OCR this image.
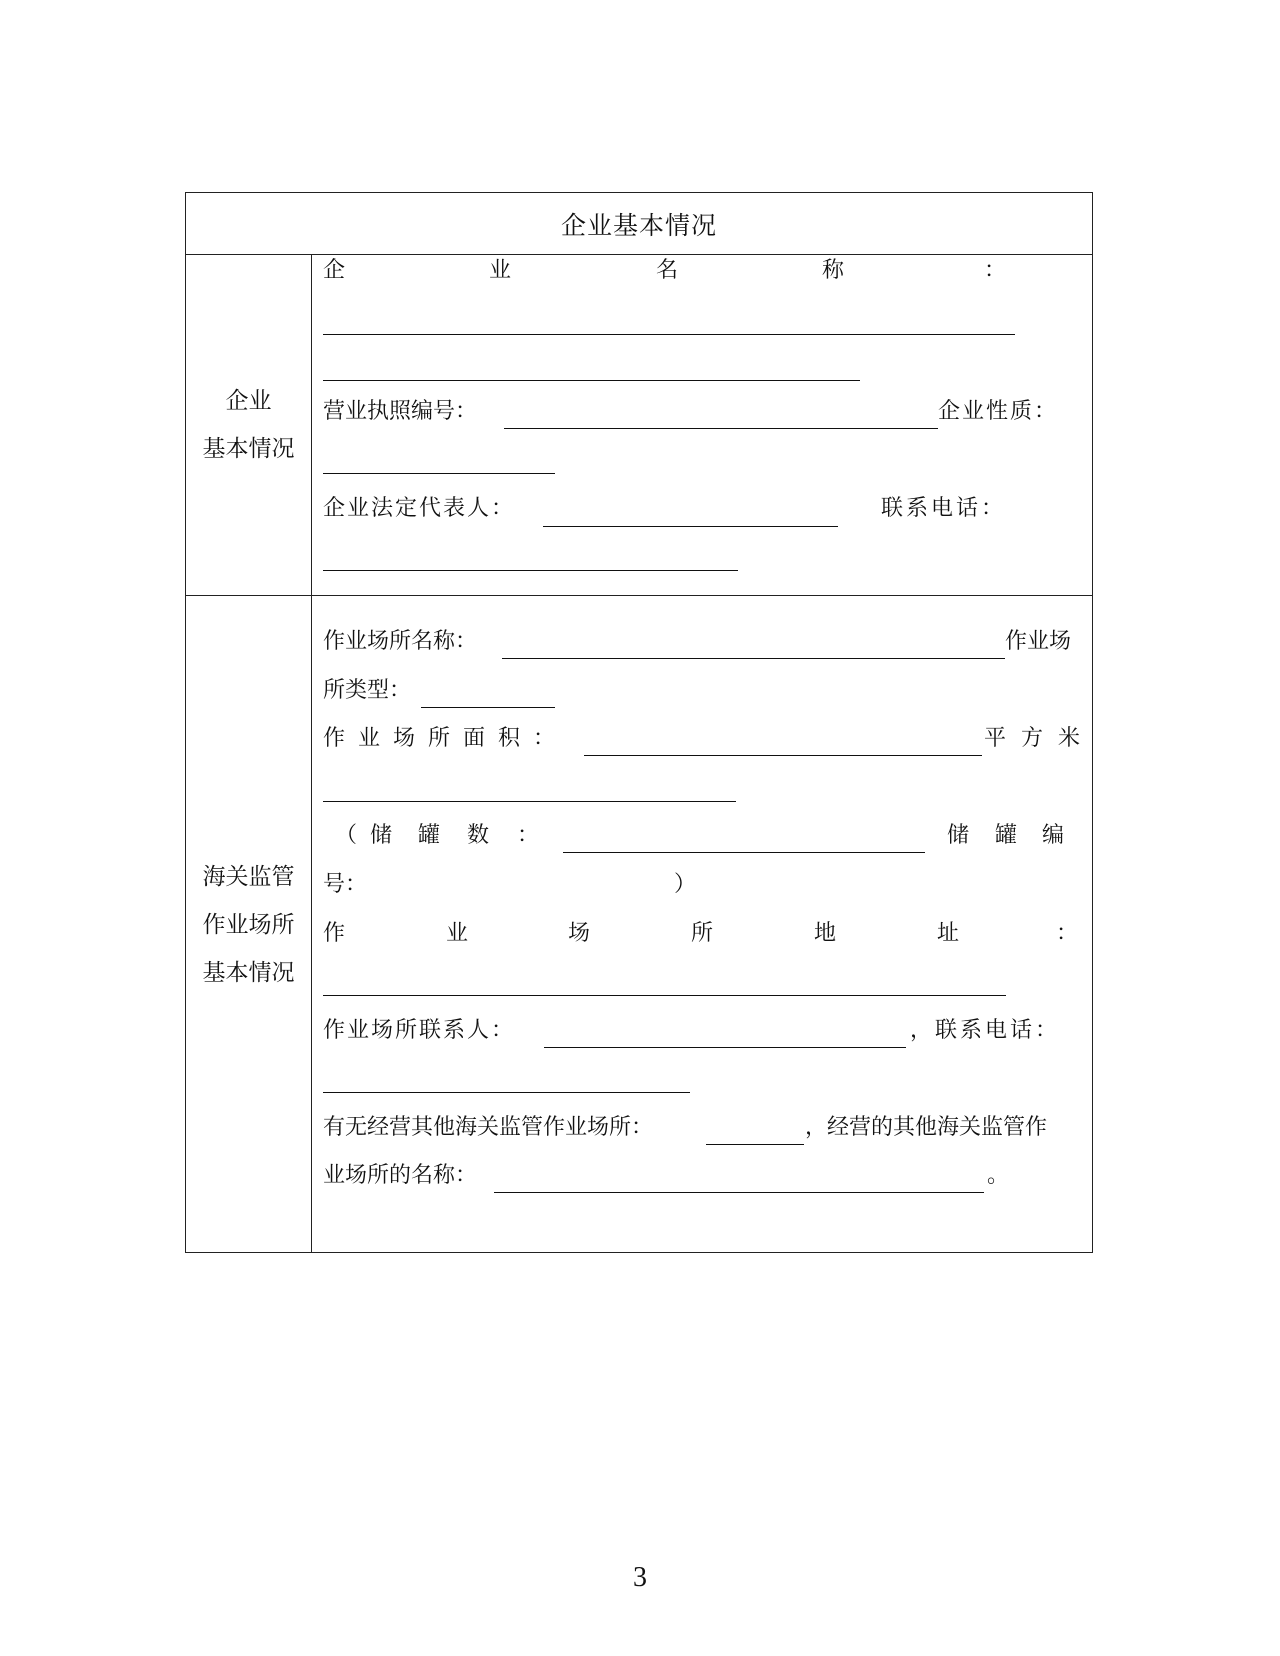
企业基本情况
企业
基本情况
企	业	名	称	：
营业执照编号：	企业性质：
企业法定代表人：	联系电话：
海关监管
作业场所
基本情况
作业场所名称：	作业场
所类型：
作 业 场 所 面 积 ：	平 方 米
（ 储 罐 数 ：	储 罐 编
号：	）
作	业	场	所	地	址	：
作业场所联系人：	，联系电话：
有无经营其他海关监管作业场所：	，经营的其他海关监管作
业场所的名称：	。
3
